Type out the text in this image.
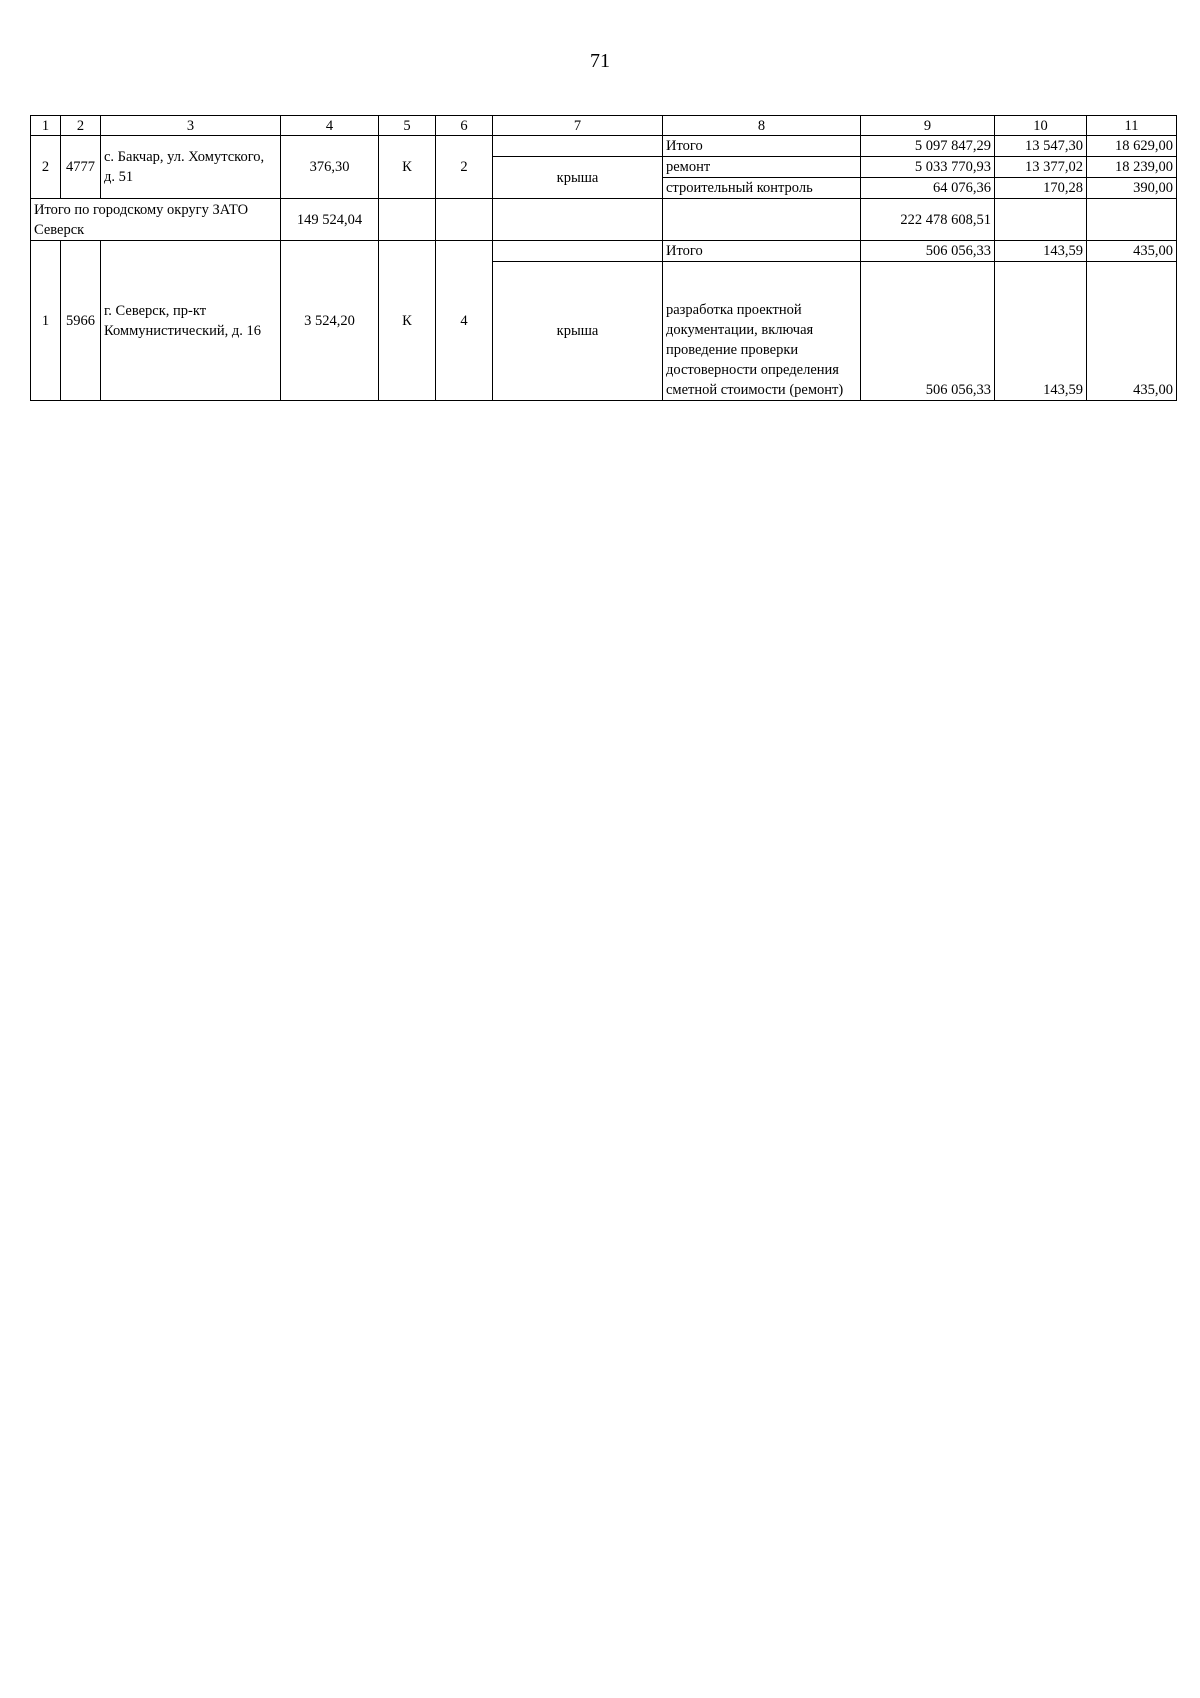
71
1	2	3	4	5	6	7	8	9	10	11
2	4777	с. Бакчар, ул. Хомутского, д. 51	376,30	К	2		Итого	5 097 847,29	13 547,30	18 629,00
						крыша	ремонт	5 033 770,93	13 377,02	18 239,00
							строительный контроль	64 076,36	170,28	390,00
Итого по городскому округу ЗАТО Северск			149 524,04					222 478 608,51		
1	5966	г. Северск, пр-кт Коммунистический, д. 16	3 524,20	К	4		Итого	506 056,33	143,59	435,00
						крыша	разработка проектной документации, включая проведение проверки достоверности определения сметной стоимости (ремонт)	506 056,33	143,59	435,00
